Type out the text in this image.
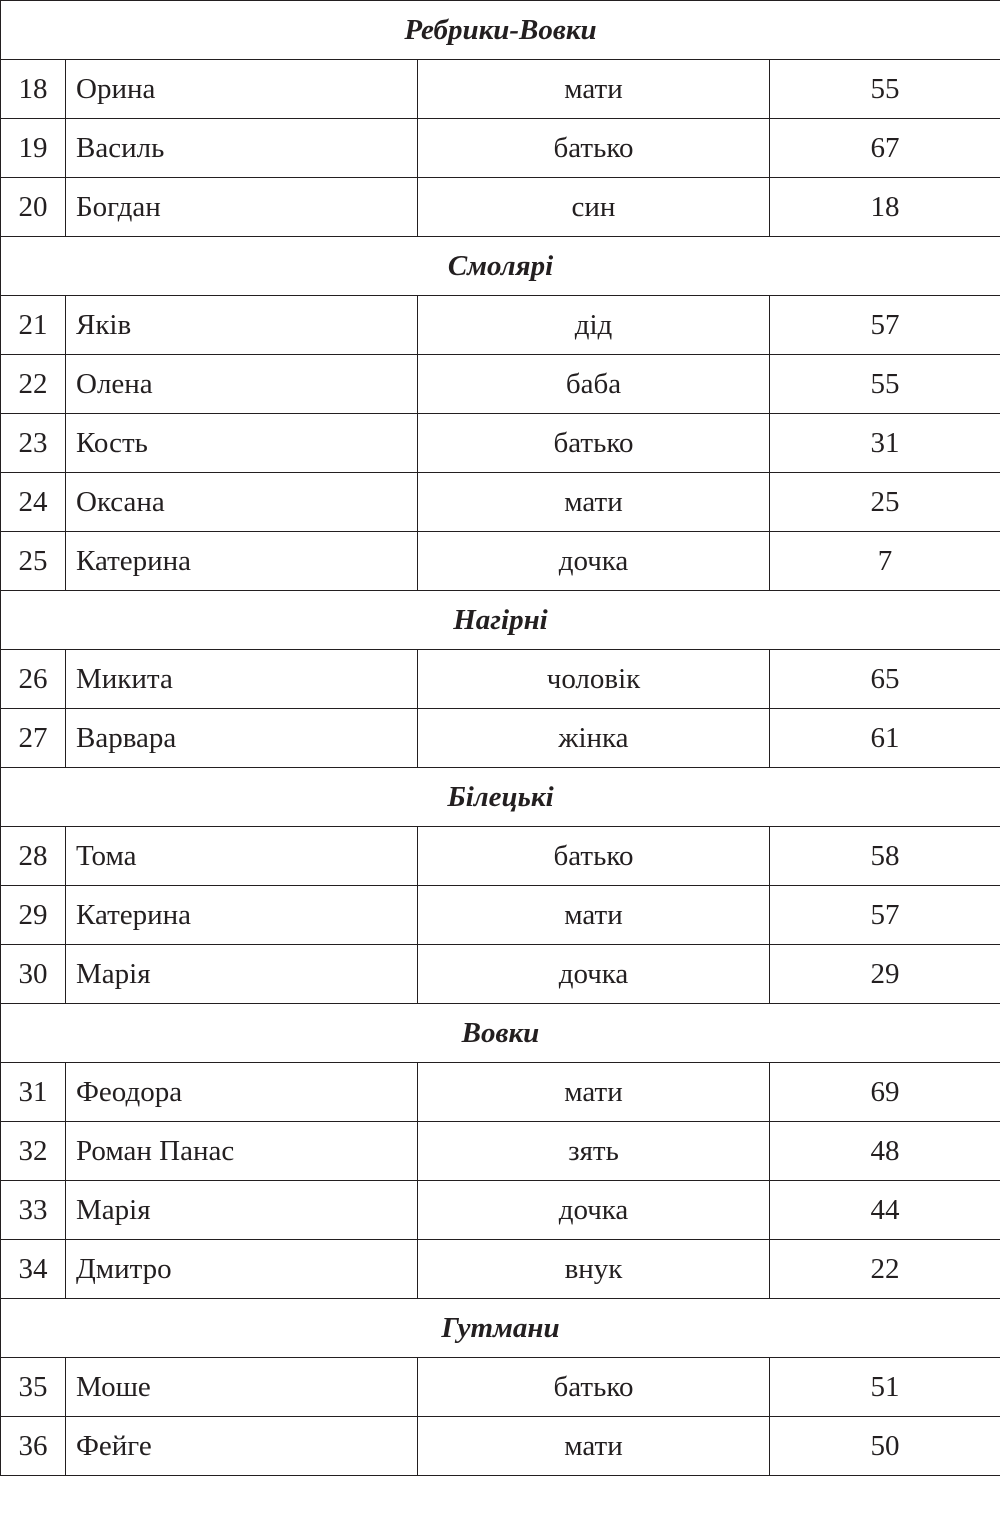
Ребрики-Вовки			
18	Орина	мати	55
19	Василь	батько	67
20	Богдан	син	18
Смолярі			
21	Яків	дід	57
22	Олена	баба	55
23	Кость	батько	31
24	Оксана	мати	25
25	Катерина	дочка	7
Нагірні			
26	Микита	чоловік	65
27	Варвара	жінка	61
Білецькі			
28	Тома	батько	58
29	Катерина	мати	57
30	Марія	дочка	29
Вовки			
31	Феодора	мати	69
32	Роман Панас	зять	48
33	Марія	дочка	44
34	Дмитро	внук	22
Гутмани			
35	Моше	батько	51
36	Фейге	мати	50
